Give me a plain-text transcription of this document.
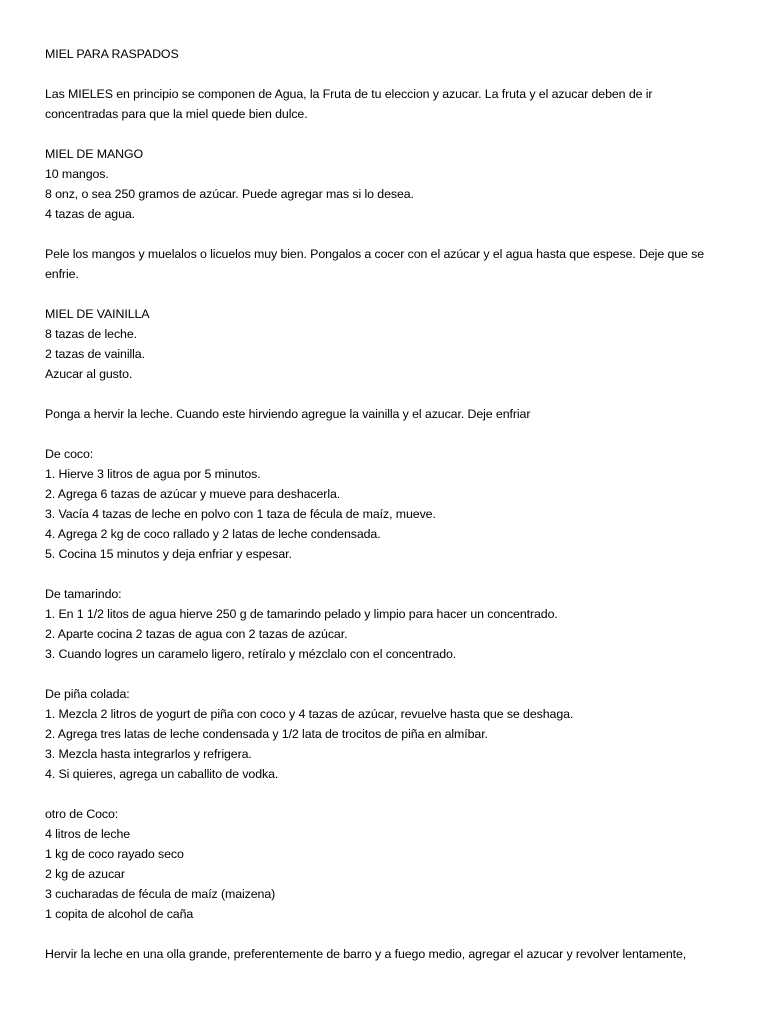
MIEL PARA RASPADOS
Las MIELES en principio se componen de Agua, la Fruta de tu eleccion y azucar. La fruta y el azucar deben de ir
concentradas para que la miel quede bien dulce.
MIEL DE MANGO
10 mangos.
8 onz, o sea 250 gramos de azúcar. Puede agregar mas si lo desea.
4 tazas de agua.
Pele los mangos y muelalos o licuelos muy bien. Pongalos a cocer con el azúcar y el agua hasta que espese. Deje que se
enfrie.
MIEL DE VAINILLA
8 tazas de leche.
2 tazas de vainilla.
Azucar al gusto.
Ponga a hervir la leche. Cuando este hirviendo agregue la vainilla y el azucar. Deje enfriar
De coco:
1. Hierve 3 litros de agua por 5 minutos.
2. Agrega 6 tazas de azúcar y mueve para deshacerla.
3. Vacía 4 tazas de leche en polvo con 1 taza de fécula de maíz, mueve.
4. Agrega 2 kg de coco rallado y 2 latas de leche condensada.
5. Cocina 15 minutos y deja enfriar y espesar.
De tamarindo:
1. En 1 1/2 litos de agua hierve 250 g de tamarindo pelado y limpio para hacer un concentrado.
2. Aparte cocina 2 tazas de agua con 2 tazas de azúcar.
3. Cuando logres un caramelo ligero, retíralo y mézclalo con el concentrado.
De piña colada:
1. Mezcla 2 litros de yogurt de piña con coco y 4 tazas de azúcar, revuelve hasta que se deshaga.
2. Agrega tres latas de leche condensada y 1/2 lata de trocitos de piña en almíbar.
3. Mezcla hasta integrarlos y refrigera.
4. Si quieres, agrega un caballito de vodka.
otro de Coco:
4 litros de leche
1 kg de coco rayado seco
2 kg de azucar
3 cucharadas de fécula de maíz (maizena)
1 copita de alcohol de caña
Hervir la leche en una olla grande, preferentemente de barro y a fuego medio, agregar el azucar y revolver lentamente,
